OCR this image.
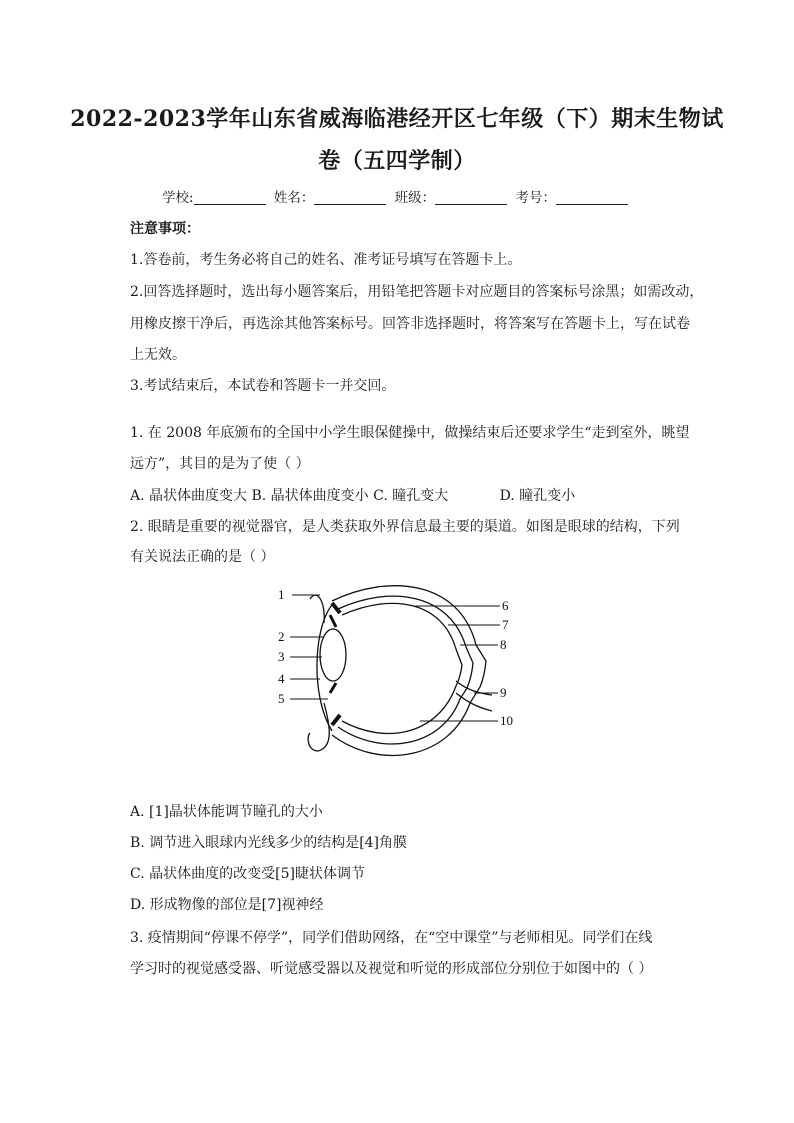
2022-2023学年山东省威海临港经开区七年级（下）期末生物试
卷（五四学制）
学校:	姓名：	班级：	考号：
注意事项：
1.答卷前，考生务必将自己的姓名、准考证号填写在答题卡上。
2.回答选择题时，选出每小题答案后，用铅笔把答题卡对应题目的答案标号涂黑；如需改动，
用橡皮擦干净后，再选涂其他答案标号。回答非选择题时，将答案写在答题卡上，写在试卷
上无效。
3.考试结束后，本试卷和答题卡一并交回。
1. 在 2008 年底颁布的全国中小学生眼保健操中，做操结束后还要求学生“走到室外，眺望
远方”，其目的是为了使（ ）
A. 晶状体曲度变大 B. 晶状体曲度变小 C. 瞳孔变大	D. 瞳孔变小
2. 眼睛是重要的视觉器官，是人类获取外界信息最主要的渠道。如图是眼球的结构，下列
有关说法正确的是（ ）
1
2
3
4
5
6
7
8
9
10
A. [1]晶状体能调节瞳孔的大小
B. 调节进入眼球内光线多少的结构是[4]角膜
C. 晶状体曲度的改变受[5]睫状体调节
D. 形成物像的部位是[7]视神经
3. 疫情期间“停课不停学”，同学们借助网络，在“空中课堂”与老师相见。同学们在线
学习时的视觉感受器、听觉感受器以及视觉和听觉的形成部位分别位于如图中的（ ）
